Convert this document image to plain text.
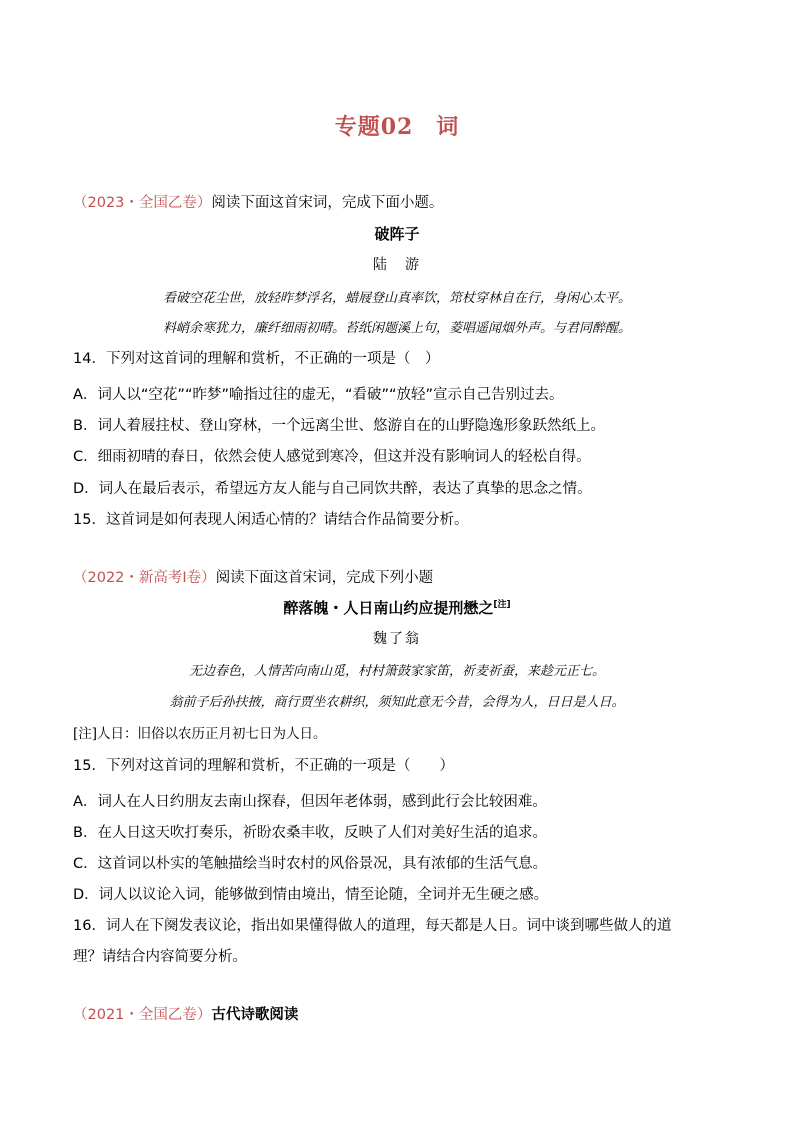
专题02　词
（2023・全国乙卷）阅读下面这首宋词，完成下面小题。
破阵子
陆　游
看破空花尘世，放轻昨梦浮名，蜡屐登山真率饮，筇杖穿林自在行，身闲心太平。
料峭余寒犹力，廉纤细雨初晴。苔纸闲题溪上句，菱唱遥闻烟外声。与君同醉醒。
14．下列对这首词的理解和赏析，不正确的一项是（　）
A．词人以“空花”“昨梦”喻指过往的虚无，“看破”“放轻”宣示自己告别过去。
B．词人着屐拄杖、登山穿林，一个远离尘世、悠游自在的山野隐逸形象跃然纸上。
C．细雨初晴的春日，依然会使人感觉到寒冷，但这并没有影响词人的轻松自得。
D．词人在最后表示，希望远方友人能与自己同饮共醉，表达了真挚的思念之情。
15．这首词是如何表现人闲适心情的？请结合作品简要分析。
（2022・新高考Ⅰ卷）阅读下面这首宋词，完成下列小题
醉落魄・人日南山约应提刑懋之[注]
魏了翁
无边春色，人情苦向南山觅，村村箫鼓家家笛，祈麦祈蚕，来趁元正七。
翁前子后孙扶掖，商行贾坐农耕织，须知此意无今昔，会得为人，日日是人日。
[注]人日：旧俗以农历正月初七日为人日。
15．下列对这首词的理解和赏析，不正确的一项是（　　）
A．词人在人日约朋友去南山探春，但因年老体弱，感到此行会比较困难。
B．在人日这天吹打奏乐，祈盼农桑丰收，反映了人们对美好生活的追求。
C．这首词以朴实的笔触描绘当时农村的风俗景况，具有浓郁的生活气息。
D．词人以议论入词，能够做到情由境出，情至论随，全词并无生硬之感。
16．词人在下阕发表议论，指出如果懂得做人的道理，每天都是人日。词中谈到哪些做人的道
理？请结合内容简要分析。
（2021・全国乙卷）古代诗歌阅读
